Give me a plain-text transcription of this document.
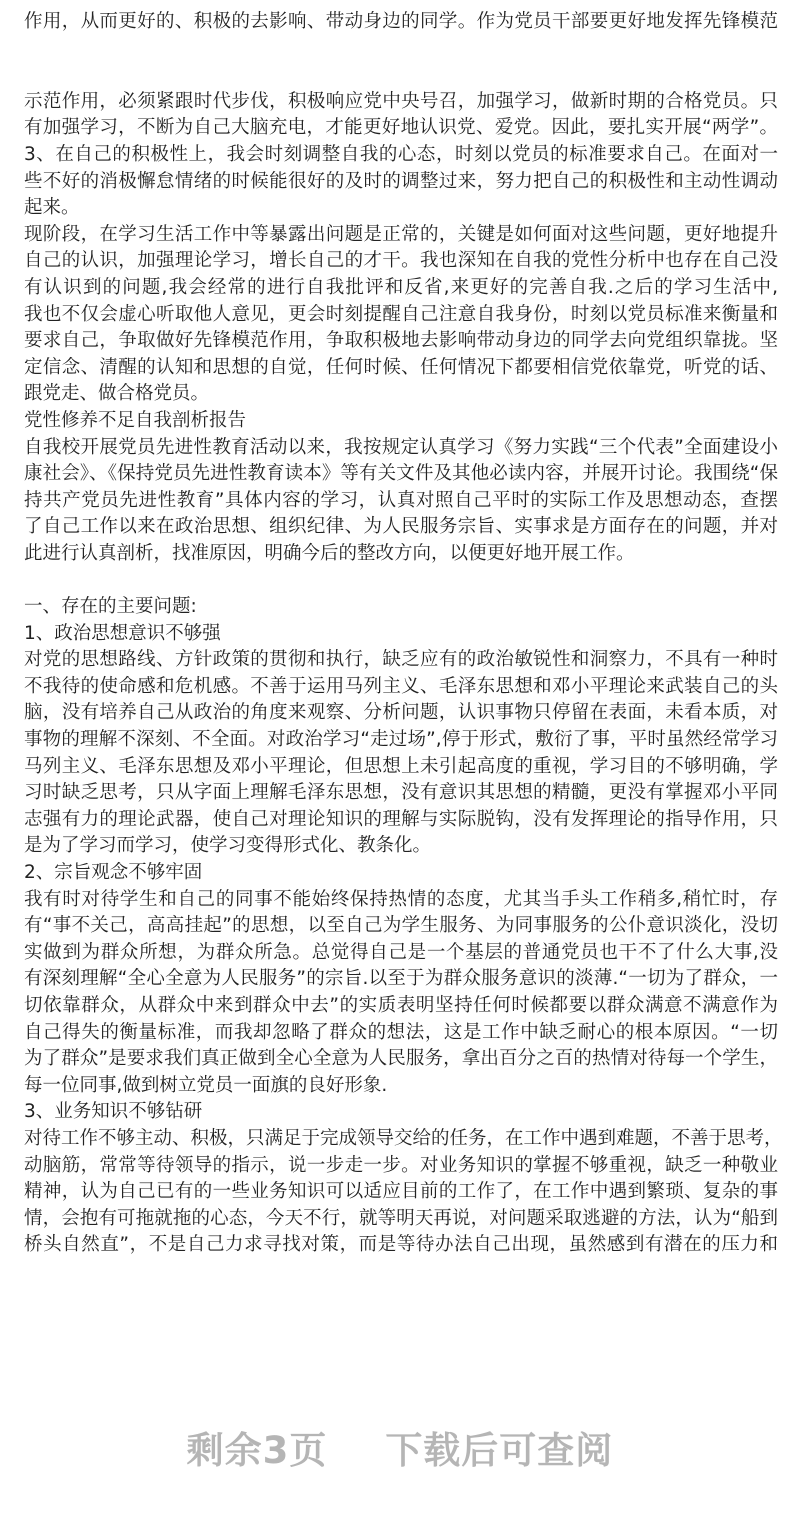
作用，从而更好的、积极的去影响、带动身边的同学。作为党员干部要更好地发挥先锋模范
示范作用，必须紧跟时代步伐，积极响应党中央号召，加强学习，做新时期的合格党员。只
有加强学习，不断为自己大脑充电，才能更好地认识党、爱党。因此，要扎实开展“两学”。
3、在自己的积极性上，我会时刻调整自我的心态，时刻以党员的标准要求自己。在面对一
些不好的消极懈怠情绪的时候能很好的及时的调整过来，努力把自己的积极性和主动性调动
起来。
现阶段，在学习生活工作中等暴露出问题是正常的，关键是如何面对这些问题，更好地提升
自己的认识，加强理论学习，增长自己的才干。我也深知在自我的党性分析中也存在自己没
有认识到的问题,我会经常的进行自我批评和反省,来更好的完善自我.之后的学习生活中,
我也不仅会虚心听取他人意见，更会时刻提醒自己注意自我身份，时刻以党员标准来衡量和
要求自己，争取做好先锋模范作用，争取积极地去影响带动身边的同学去向党组织靠拢。坚
定信念、清醒的认知和思想的自觉，任何时候、任何情况下都要相信党依靠党，听党的话、
跟党走、做合格党员。
党性修养不足自我剖析报告
自我校开展党员先进性教育活动以来，我按规定认真学习《努力实践“三个代表”全面建设小
康社会》、《保持党员先进性教育读本》等有关文件及其他必读内容，并展开讨论。我围绕“保
持共产党员先进性教育”具体内容的学习，认真对照自己平时的实际工作及思想动态，查摆
了自己工作以来在政治思想、组织纪律、为人民服务宗旨、实事求是方面存在的问题，并对
此进行认真剖析，找准原因，明确今后的整改方向，以便更好地开展工作。
一、存在的主要问题:
1、政治思想意识不够强
对党的思想路线、方针政策的贯彻和执行，缺乏应有的政治敏锐性和洞察力，不具有一种时
不我待的使命感和危机感。不善于运用马列主义、毛泽东思想和邓小平理论来武装自己的头
脑，没有培养自己从政治的角度来观察、分析问题，认识事物只停留在表面，未看本质，对
事物的理解不深刻、不全面。对政治学习“走过场”,停于形式，敷衍了事，平时虽然经常学习
马列主义、毛泽东思想及邓小平理论，但思想上未引起高度的重视，学习目的不够明确，学
习时缺乏思考，只从字面上理解毛泽东思想，没有意识其思想的精髓，更没有掌握邓小平同
志强有力的理论武器，使自己对理论知识的理解与实际脱钩，没有发挥理论的指导作用，只
是为了学习而学习，使学习变得形式化、教条化。
2、宗旨观念不够牢固
我有时对待学生和自己的同事不能始终保持热情的态度，尤其当手头工作稍多,稍忙时，存
有“事不关己，高高挂起”的思想，以至自己为学生服务、为同事服务的公仆意识淡化，没切
实做到为群众所想，为群众所急。总觉得自己是一个基层的普通党员也干不了什么大事,没
有深刻理解“全心全意为人民服务”的宗旨.以至于为群众服务意识的淡薄.“一切为了群众，一
切依靠群众，从群众中来到群众中去”的实质表明坚持任何时候都要以群众满意不满意作为
自己得失的衡量标准，而我却忽略了群众的想法，这是工作中缺乏耐心的根本原因。“一切
为了群众”是要求我们真正做到全心全意为人民服务，拿出百分之百的热情对待每一个学生，
每一位同事,做到树立党员一面旗的良好形象.
3、业务知识不够钻研
对待工作不够主动、积极，只满足于完成领导交给的任务，在工作中遇到难题，不善于思考，
动脑筋，常常等待领导的指示，说一步走一步。对业务知识的掌握不够重视，缺乏一种敬业
精神，认为自己已有的一些业务知识可以适应目前的工作了，在工作中遇到繁琐、复杂的事
情，会抱有可拖就拖的心态，今天不行，就等明天再说，对问题采取逃避的方法，认为“船到
桥头自然直”，不是自己力求寻找对策，而是等待办法自己出现，虽然感到有潜在的压力和
剩余3页 下载后可查阅
